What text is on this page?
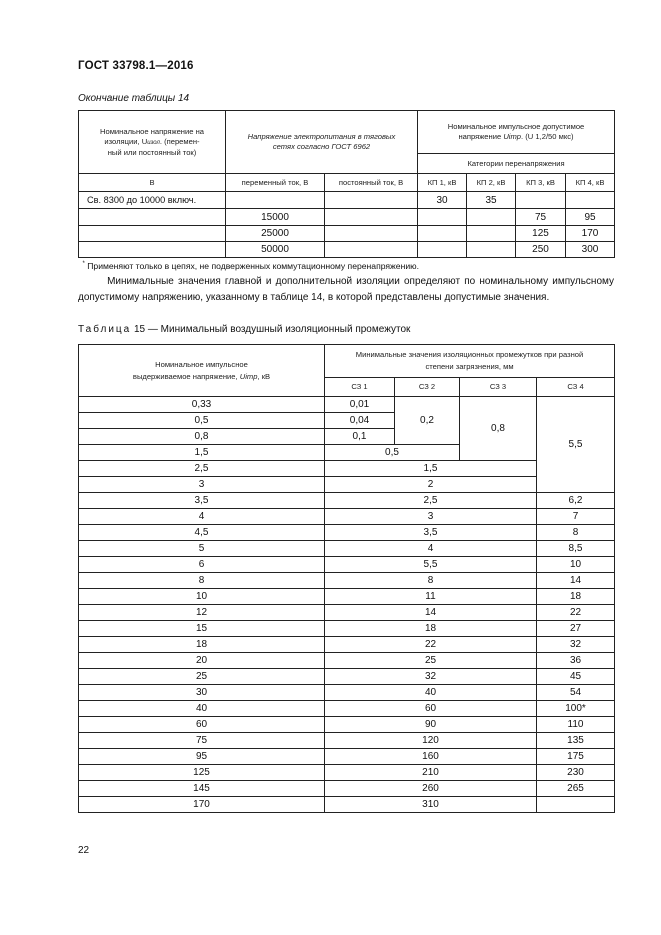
ГОСТ 33798.1—2016
Окончание таблицы 14
Номинальное напряжение на
изоляции, Uизол. (перемен-
ный или постоянный ток)	Напряжение электропитания в тяговых
сетях согласно ГОСТ 6962		Номинальное импульсное допустимое
напряжение Uimp. (U 1,2/50 мкс)			
			Категории перенапряжения			
В	переменный ток, В	постоянный ток, В	КП 1, кВ	КП 2, кВ	КП 3, кВ	КП 4, кВ
Св. 8300 до 10000 включ.			30	35		
	15000				75	95
	25000				125	170
	50000				250	300
* Применяют только в цепях, не подверженных коммутационному перенапряжению.						
Минимальные значения главной и дополнительной изоляции определяют по номинальному импульсному допустимому напряжению, указанному в таблице 14, в которой представлены допустимые значения.
Таблица 15 — Минимальный воздушный изоляционный промежуток
Номинальное импульсное
выдерживаемое напряжение, Uimp, кВ	Минимальные значения изоляционных промежутков при разной
степени загрязнения, мм			
	СЗ 1	СЗ 2	СЗ 3	СЗ 4
0,33	0,01	0,2	0,8	5,5
0,5	0,04			
0,8	0,1			
1,5	0,5			
2,5	1,5			
3	2			
3,5	2,5			6,2
4	3			7
4,5	3,5			8
5	4			8,5
6	5,5			10
8	8			14
10	11			18
12	14			22
15	18			27
18	22			32
20	25			36
25	32			45
30	40			54
40	60			100*
60	90			110
75	120			135
95	160			175
125	210			230
145	260			265
170	310			
22
